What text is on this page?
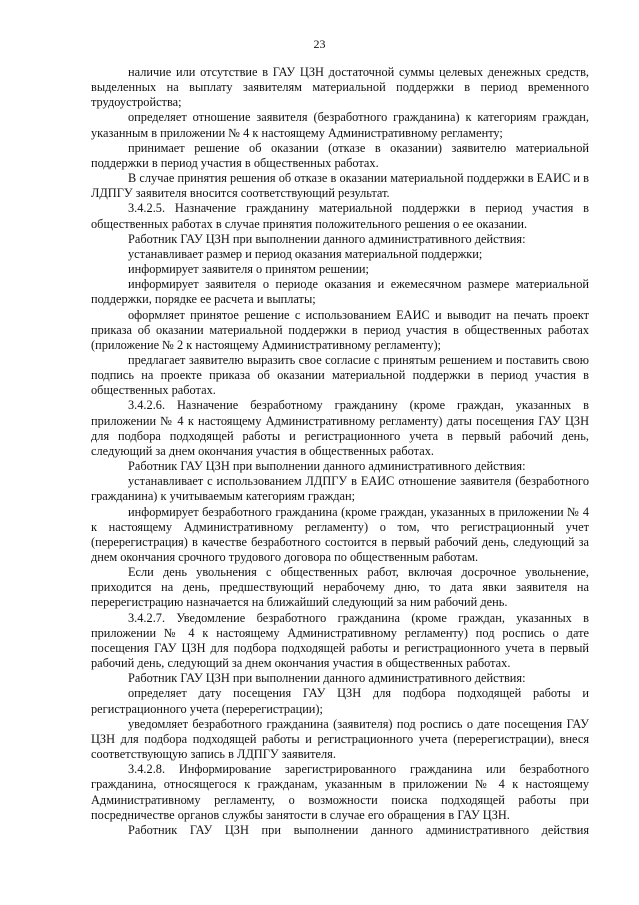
23

наличие или отсутствие в ГАУ ЦЗН достаточной суммы целевых денежных средств, выделенных на выплату заявителям материальной поддержки в период временного трудоустройства;

определяет отношение заявителя (безработного гражданина) к категориям граждан, указанным в приложении № 4 к настоящему Административному регламенту;

принимает решение об оказании (отказе в оказании) заявителю материальной поддержки в период участия в общественных работах.

В случае принятия решения об отказе в оказании материальной поддержки в ЕАИС и в ЛДПГУ заявителя вносится соответствующий результат.

3.4.2.5. Назначение гражданину материальной поддержки в период участия в общественных работах в случае принятия положительного решения о ее оказании.

Работник ГАУ ЦЗН при выполнении данного административного действия:

устанавливает размер и период оказания материальной поддержки;

информирует заявителя о принятом решении;

информирует заявителя о периоде оказания и ежемесячном размере материальной поддержки, порядке ее расчета и выплаты;

оформляет принятое решение с использованием ЕАИС и выводит на печать проект приказа об оказании материальной поддержки в период участия в общественных работах (приложение № 2 к настоящему Административному регламенту);

предлагает заявителю выразить свое согласие с принятым решением и поставить свою подпись на проекте приказа об оказании материальной поддержки в период участия в общественных работах.

3.4.2.6. Назначение безработному гражданину (кроме граждан, указанных в приложении № 4 к настоящему Административному регламенту) даты посещения ГАУ ЦЗН для подбора подходящей работы и регистрационного учета в первый рабочий день, следующий за днем окончания участия в общественных работах.

Работник ГАУ ЦЗН при выполнении данного административного действия:

устанавливает с использованием ЛДПГУ в ЕАИС отношение заявителя (безработного гражданина) к учитываемым категориям граждан;

информирует безработного гражданина (кроме граждан, указанных в приложении № 4 к настоящему Административному регламенту) о том, что регистрационный учет (перерегистрация) в качестве безработного состоится в первый рабочий день, следующий за днем окончания срочного трудового договора по общественным работам.

Если день увольнения с общественных работ, включая досрочное увольнение, приходится на день, предшествующий нерабочему дню, то дата явки заявителя на перерегистрацию назначается на ближайший следующий за ним рабочий день.

3.4.2.7. Уведомление безработного гражданина (кроме граждан, указанных в приложении № 4 к настоящему Административному регламенту) под роспись о дате посещения ГАУ ЦЗН для подбора подходящей работы и регистрационного учета в первый рабочий день, следующий за днем окончания участия в общественных работах.

Работник ГАУ ЦЗН при выполнении данного административного действия:

определяет дату посещения ГАУ ЦЗН для подбора подходящей работы и регистрационного учета (перерегистрации);

уведомляет безработного гражданина (заявителя) под роспись о дате посещения ГАУ ЦЗН для подбора подходящей работы и регистрационного учета (перерегистрации), внеся соответствующую запись в ЛДПГУ заявителя.

3.4.2.8. Информирование зарегистрированного гражданина или безработного гражданина, относящегося к гражданам, указанным в приложении № 4 к настоящему Административному регламенту, о возможности поиска подходящей работы при посредничестве органов службы занятости в случае его обращения в ГАУ ЦЗН.

Работник ГАУ ЦЗН при выполнении данного административного действия
